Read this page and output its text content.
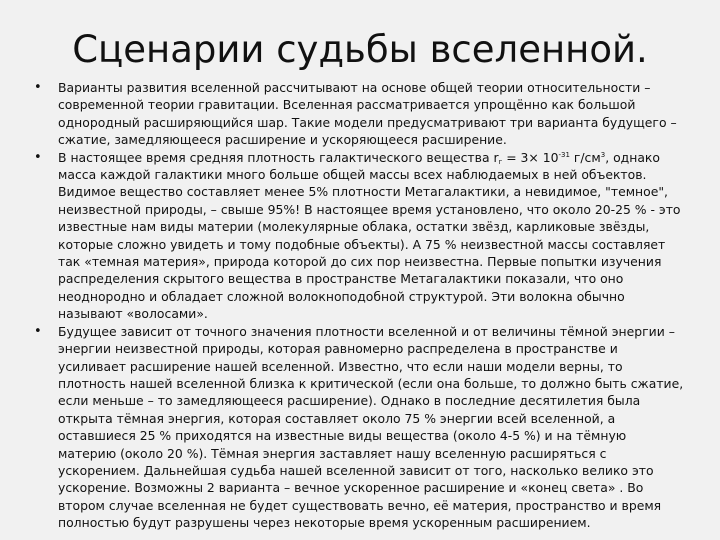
Сценарии судьбы вселенной.
• Варианты развития вселенной рассчитывают на основе общей теории относительности – современной теории гравитации. Вселенная рассматривается упрощённо как большой однородный расширяющийся шар. Такие модели предусматривают три варианта будущего – сжатие, замедляющееся расширение и ускоряющееся расширение.
• В настоящее время средняя плотность галактического вещества $r_г = 3\times 10^{-31}$ $г/см^3$, однако масса каждой галактики много больше общей массы всех наблюдаемых в ней объектов. Видимое вещество составляет менее 5% плотности Метагалактики, а невидимое, "темное", неизвестной природы, – свыше 95%! В настоящее время установлено, что около 20-25 % - это известные нам виды материи (молекулярные облака, остатки звёзд, карликовые звёзды, которые сложно увидеть и тому подобные объекты). А 75 % неизвестной массы составляет так «темная материя», природа которой до сих пор неизвестна. Первые попытки изучения распределения скрытого вещества в пространстве Метагалактики показали, что оно неоднородно и обладает сложной волокноподобной структурой. Эти волокна обычно называют «волосами».
• Будущее зависит от точного значения плотности вселенной и от величины тёмной энергии – энергии неизвестной природы, которая равномерно распределена в пространстве и усиливает расширение нашей вселенной. Известно, что если наши модели верны, то плотность нашей вселенной близка к критической (если она больше, то должно быть сжатие, если меньше – то замедляющееся расширение). Однако в последние десятилетия была открыта тёмная энергия, которая составляет около 75 % энергии всей вселенной, а оставшиеся 25 % приходятся на известные виды вещества (около 4-5 %) и на тёмную материю (около 20 %). Тёмная энергия заставляет нашу вселенную расширяться с ускорением. Дальнейшая судьба нашей вселенной зависит от того, насколько велико это ускорение. Возможны 2 варианта – вечное ускоренное расширение и «конец света» . Во втором случае вселенная не будет существовать вечно, её материя, пространство и время полностью будут разрушены через некоторые время ускоренным расширением.
